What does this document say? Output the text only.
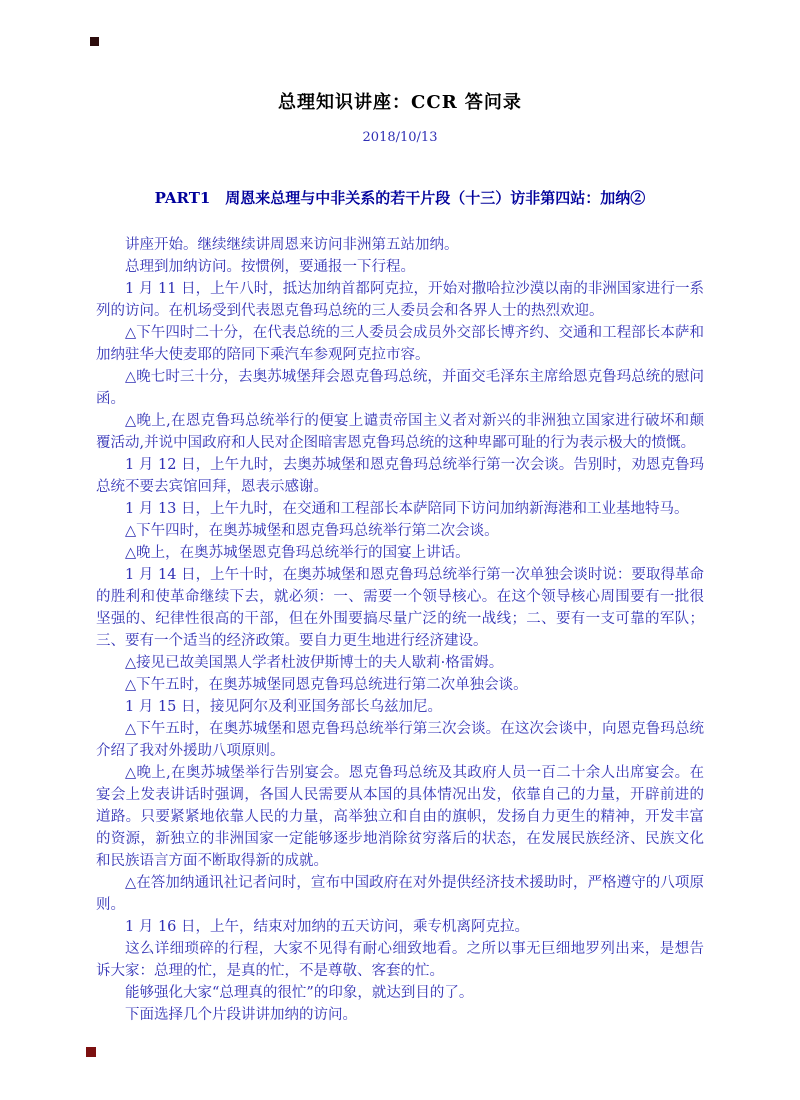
总理知识讲座：CCR 答问录
2018/10/13
PART1　周恩来总理与中非关系的若干片段（十三）访非第四站：加纳②

讲座开始。继续继续讲周恩来访问非洲第五站加纳。

总理到加纳访问。按惯例，要通报一下行程。

1 月 11 日，上午八时，抵达加纳首都阿克拉，开始对撒哈拉沙漠以南的非洲国家进行一系列的访问。在机场受到代表恩克鲁玛总统的三人委员会和各界人士的热烈欢迎。

△下午四时二十分，在代表总统的三人委员会成员外交部长博齐约、交通和工程部长本萨和加纳驻华大使麦耶的陪同下乘汽车参观阿克拉市容。

△晚七时三十分，去奥苏城堡拜会恩克鲁玛总统，并面交毛泽东主席给恩克鲁玛总统的慰问函。

△晚上,在恩克鲁玛总统举行的便宴上谴责帝国主义者对新兴的非洲独立国家进行破坏和颠覆活动,并说中国政府和人民对企图暗害恩克鲁玛总统的这种卑鄙可耻的行为表示极大的愤慨。

1 月 12 日，上午九时，去奥苏城堡和恩克鲁玛总统举行第一次会谈。告别时，劝恩克鲁玛总统不要去宾馆回拜，恩表示感谢。

1 月 13 日，上午九时，在交通和工程部长本萨陪同下访问加纳新海港和工业基地特马。

△下午四时，在奥苏城堡和恩克鲁玛总统举行第二次会谈。

△晚上，在奥苏城堡恩克鲁玛总统举行的国宴上讲话。

1 月 14 日，上午十时，在奥苏城堡和恩克鲁玛总统举行第一次单独会谈时说：要取得革命的胜利和使革命继续下去，就必须：一、需要一个领导核心。在这个领导核心周围要有一批很坚强的、纪律性很高的干部，但在外围要搞尽量广泛的统一战线；二、要有一支可靠的军队；三、要有一个适当的经济政策。要自力更生地进行经济建设。

△接见已故美国黑人学者杜波伊斯博士的夫人歇莉·格雷姆。

△下午五时，在奥苏城堡同恩克鲁玛总统进行第二次单独会谈。

1 月 15 日，接见阿尔及利亚国务部长乌兹加尼。

△下午五时，在奥苏城堡和恩克鲁玛总统举行第三次会谈。在这次会谈中，向恩克鲁玛总统介绍了我对外援助八项原则。

△晚上,在奥苏城堡举行告别宴会。恩克鲁玛总统及其政府人员一百二十余人出席宴会。在宴会上发表讲话时强调，各国人民需要从本国的具体情况出发，依靠自己的力量，开辟前进的道路。只要紧紧地依靠人民的力量，高举独立和自由的旗帜，发扬自力更生的精神，开发丰富的资源，新独立的非洲国家一定能够逐步地消除贫穷落后的状态，在发展民族经济、民族文化和民族语言方面不断取得新的成就。

△在答加纳通讯社记者问时，宣布中国政府在对外提供经济技术援助时，严格遵守的八项原则。

1 月 16 日，上午，结束对加纳的五天访问，乘专机离阿克拉。

这么详细琐碎的行程，大家不见得有耐心细致地看。之所以事无巨细地罗列出来，是想告诉大家：总理的忙，是真的忙，不是尊敬、客套的忙。

能够强化大家“总理真的很忙”的印象，就达到目的了。

下面选择几个片段讲讲加纳的访问。
